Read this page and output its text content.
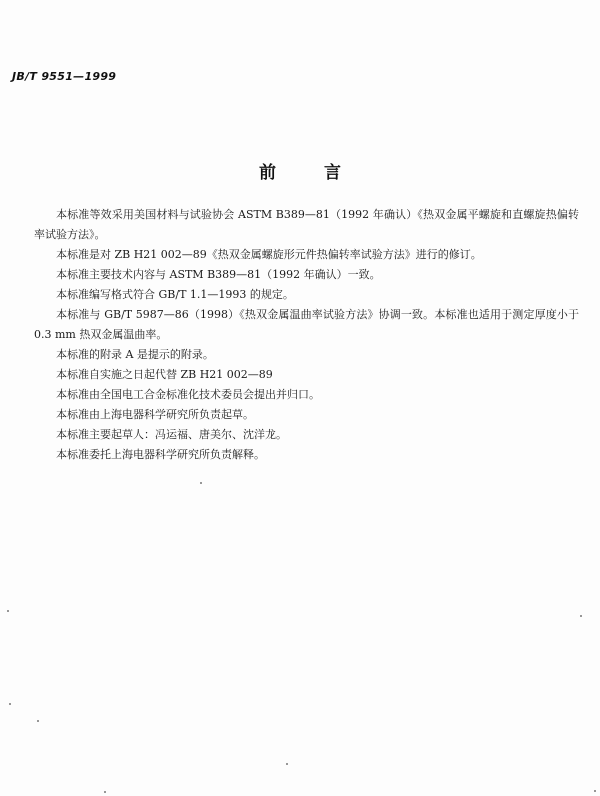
JB/T 9551—1999
前言

本标准等效采用美国材料与试验协会 ASTM B389—81（1992 年确认）《热双金属平螺旋和直螺旋热偏转率试验方法》。

本标准是对 ZB H21 002—89《热双金属螺旋形元件热偏转率试验方法》进行的修订。

本标准主要技术内容与 ASTM B389—81（1992 年确认）一致。

本标准编写格式符合 GB/T 1.1—1993 的规定。

本标准与 GB/T 5987—86（1998）《热双金属温曲率试验方法》协调一致。本标准也适用于测定厚度小于 0.3 mm 热双金属温曲率。

本标准的附录 A 是提示的附录。

本标准自实施之日起代替 ZB H21 002—89

本标准由全国电工合金标准化技术委员会提出并归口。

本标准由上海电器科学研究所负责起草。

本标准主要起草人：冯运福、唐美尔、沈洋龙。

本标准委托上海电器科学研究所负责解释。
